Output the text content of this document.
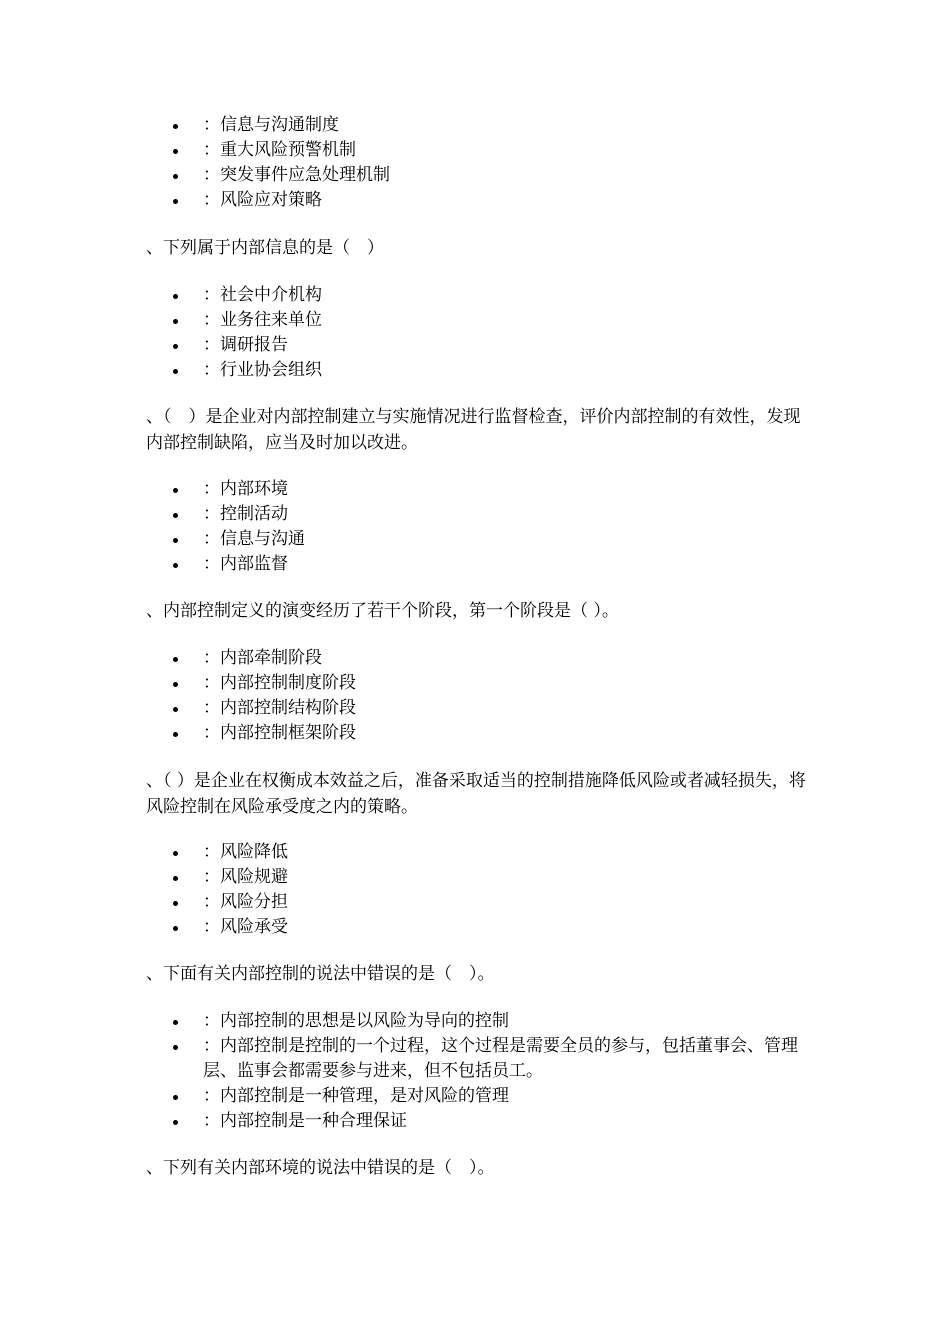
：信息与沟通制度
：重大风险预警机制
：突发事件应急处理机制
：风险应对策略

、下列属于内部信息的是（　）

：社会中介机构
：业务往来单位
：调研报告
：行业协会组织

、（　）是企业对内部控制建立与实施情况进行监督检查，评价内部控制的有效性，发现内部控制缺陷，应当及时加以改进。

：内部环境
：控制活动
：信息与沟通
：内部监督

、内部控制定义的演变经历了若干个阶段，第一个阶段是（ ）。

：内部牵制阶段
：内部控制制度阶段
：内部控制结构阶段
：内部控制框架阶段

、（ ）是企业在权衡成本效益之后，准备采取适当的控制措施降低风险或者减轻损失，将风险控制在风险承受度之内的策略。

：风险降低
：风险规避
：风险分担
：风险承受

、下面有关内部控制的说法中错误的是（　）。

：内部控制的思想是以风险为导向的控制
：内部控制是控制的一个过程，这个过程是需要全员的参与，包括董事会、管理层、监事会都需要参与进来，但不包括员工。
：内部控制是一种管理，是对风险的管理
：内部控制是一种合理保证

、下列有关内部环境的说法中错误的是（　）。
